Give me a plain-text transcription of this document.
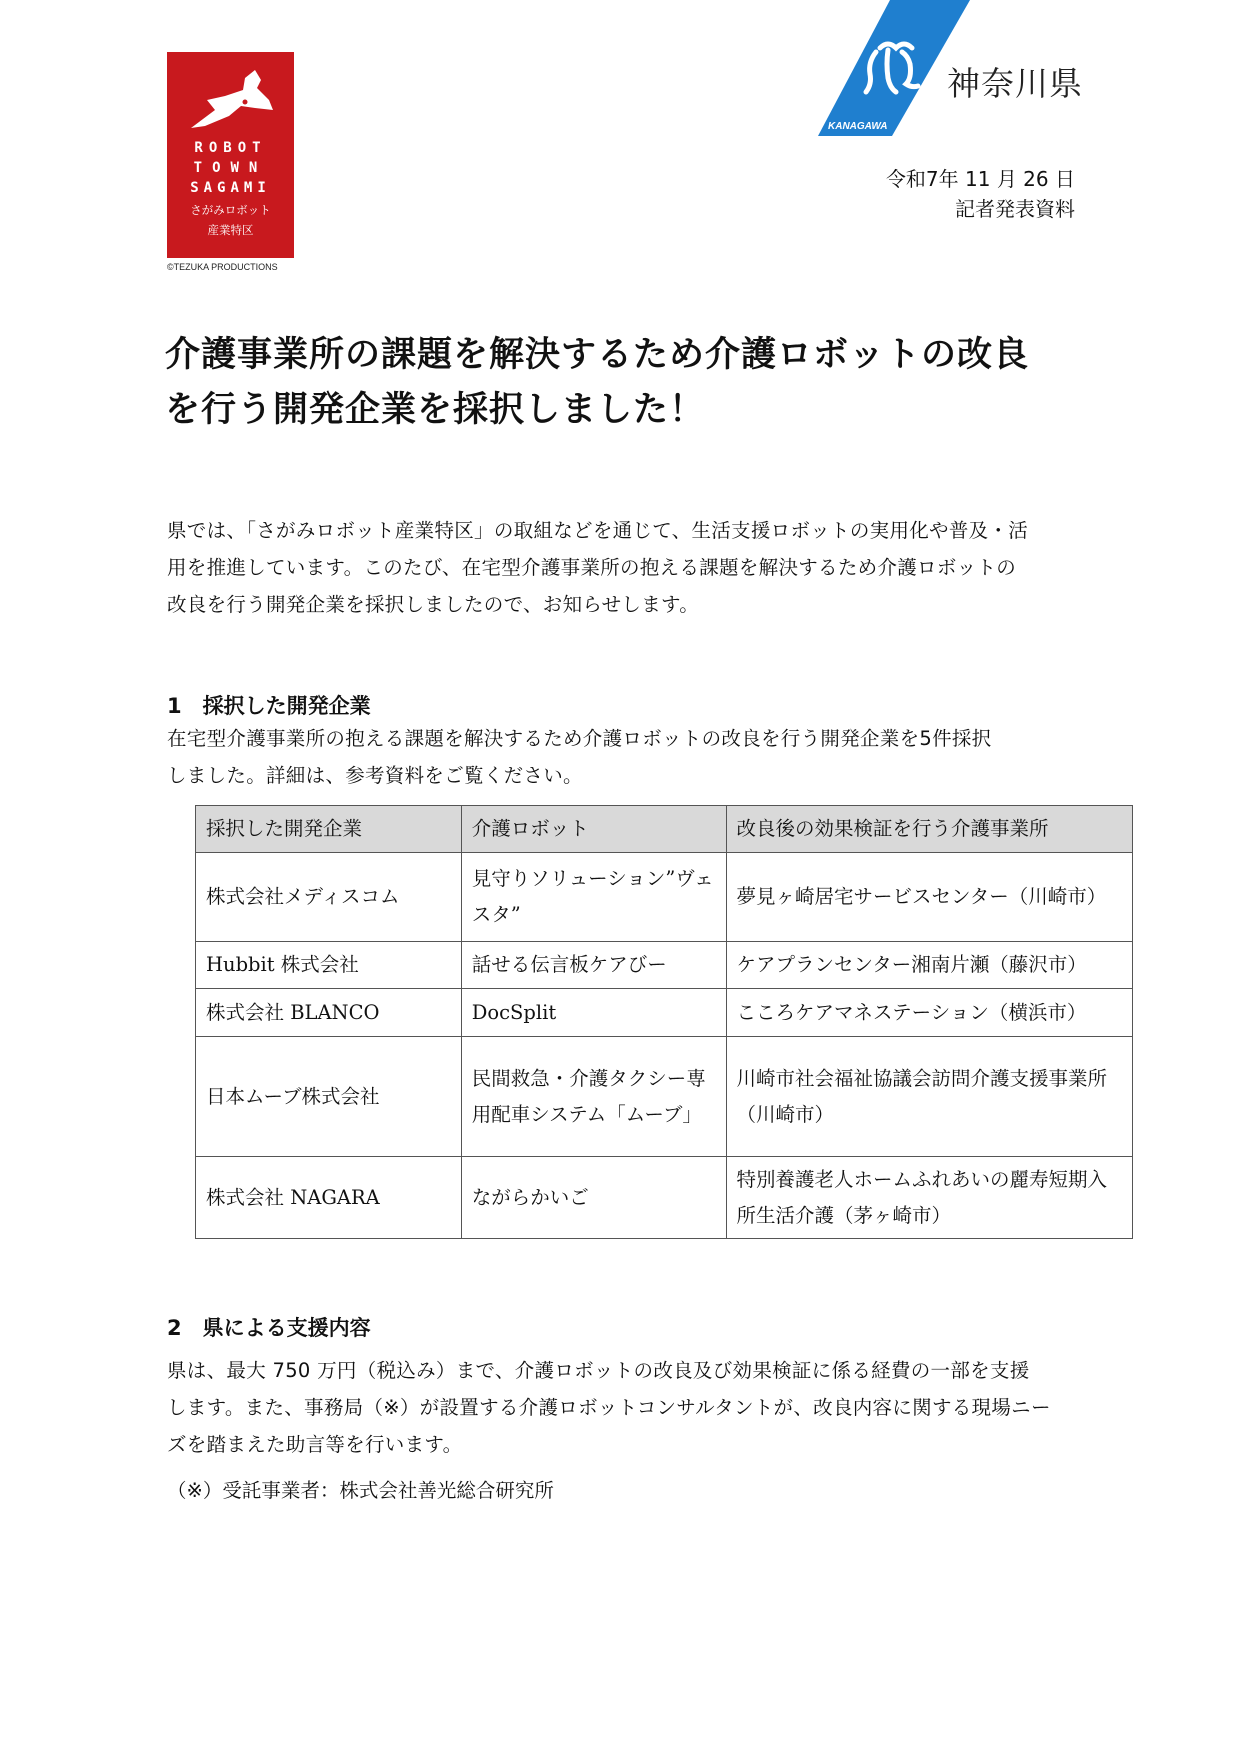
ROBOT
TOWN
SAGAMI
さがみロボット
産業特区
©TEZUKA PRODUCTIONS
KANAGAWA
神奈川県
令和7年 11 月 26 日
記者発表資料
介護事業所の課題を解決するため介護ロボットの改良
を行う開発企業を採択しました！
県では、「さがみロボット産業特区」の取組などを通じて、生活支援ロボットの実用化や普及・活
用を推進しています。このたび、在宅型介護事業所の抱える課題を解決するため介護ロボットの
改良を行う開発企業を採択しましたので、お知らせします。
1　採択した開発企業
在宅型介護事業所の抱える課題を解決するため介護ロボットの改良を行う開発企業を5件採択
しました。詳細は、参考資料をご覧ください。
採択した開発企業	介護ロボット	改良後の効果検証を行う介護事業所
株式会社メディスコム	見守りソリューション”ヴェスタ”	夢見ヶ崎居宅サービスセンター（川崎市）
Hubbit 株式会社	話せる伝言板ケアびー	ケアプランセンター湘南片瀬（藤沢市）
株式会社 BLANCO	DocSplit	こころケアマネステーション（横浜市）
日本ムーブ株式会社	民間救急・介護タクシー専用配車システム「ムーブ」	川崎市社会福祉協議会訪問介護支援事業所（川崎市）
株式会社 NAGARA	ながらかいご	特別養護老人ホームふれあいの麗寿短期入所生活介護（茅ヶ崎市）
2　県による支援内容
県は、最大 750 万円（税込み）まで、介護ロボットの改良及び効果検証に係る経費の一部を支援
します。また、事務局（※）が設置する介護ロボットコンサルタントが、改良内容に関する現場ニー
ズを踏まえた助言等を行います。
（※）受託事業者：株式会社善光総合研究所
